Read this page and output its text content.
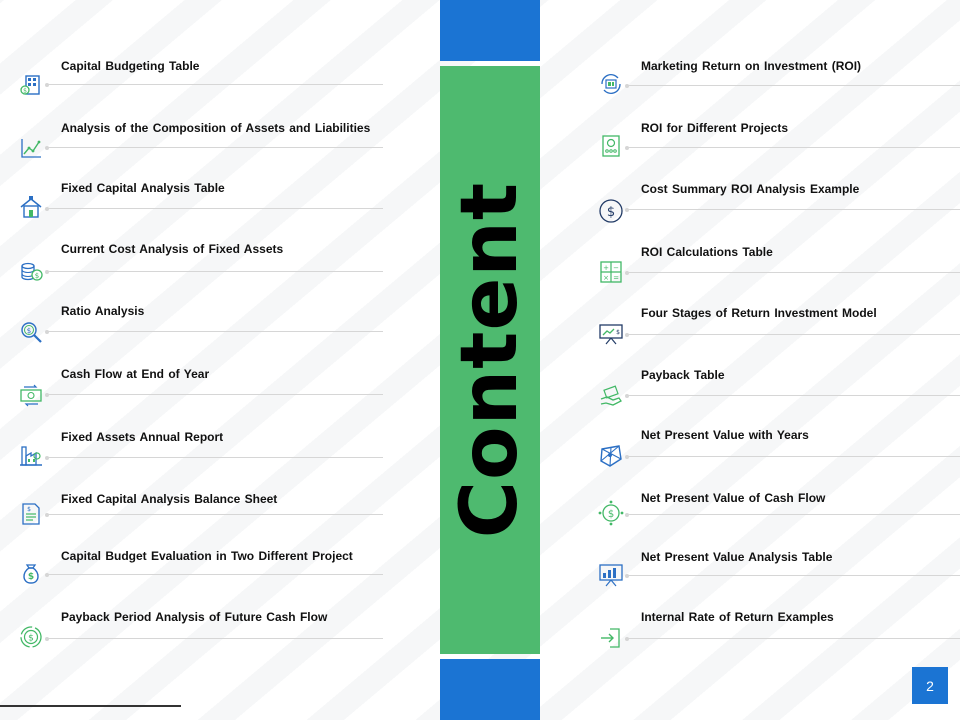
Content
$
Capital Budgeting Table
Analysis of the Composition of Assets and Liabilities
Fixed Capital Analysis Table
$
Current Cost Analysis of Fixed Assets
$
Ratio Analysis
Cash Flow at End of Year
Fixed Assets Annual Report
$
Fixed Capital Analysis Balance Sheet
$
Capital Budget Evaluation in Two Different Project
$
Payback Period Analysis of Future Cash Flow
Marketing Return on Investment (ROI)
ROI for Different Projects
$
Cost Summary ROI Analysis Example
+ −
× =
ROI Calculations Table
$
Four Stages of Return Investment Model
Payback Table
Net Present Value with Years
$
Net Present Value of Cash Flow
Net Present Value Analysis Table
Internal Rate of Return Examples
2
